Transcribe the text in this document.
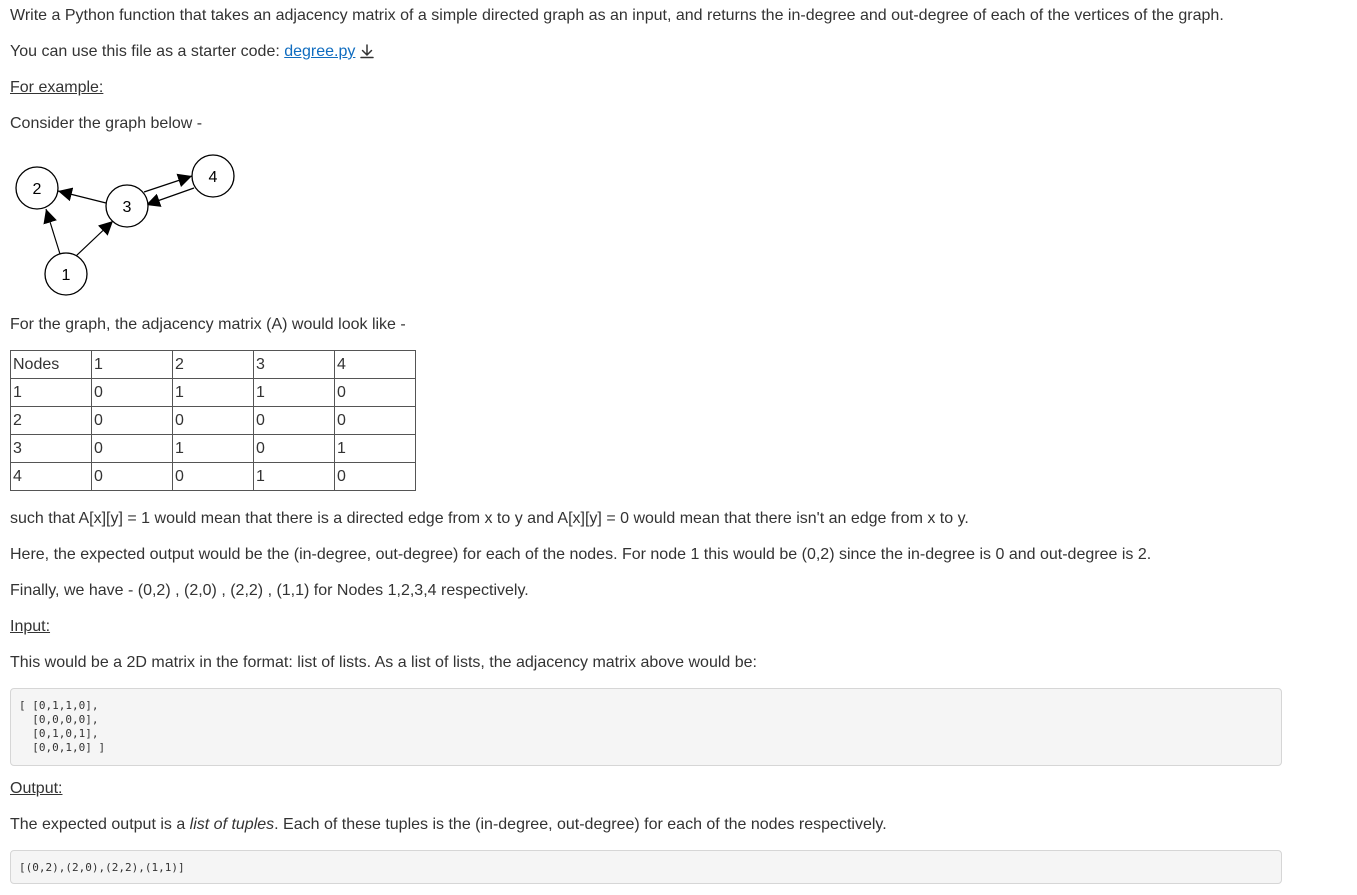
Write a Python function that takes an adjacency matrix of a simple directed graph as an input, and returns the in-degree and out-degree of each of the vertices of the graph.
You can use this file as a starter code: degree.py
For example:
Consider the graph below -
2
3
4
1
For the graph, the adjacency matrix (A) would look like -
Nodes	1	2	3	4
1	0	1	1	0
2	0	0	0	0
3	0	1	0	1
4	0	0	1	0
such that A[x][y] = 1 would mean that there is a directed edge from x to y and A[x][y] = 0 would mean that there isn't an edge from x to y.
Here, the expected output would be the (in-degree, out-degree) for each of the nodes. For node 1 this would be (0,2) since the in-degree is 0 and out-degree is 2.
Finally, we have - (0,2) , (2,0) , (2,2) , (1,1) for Nodes 1,2,3,4 respectively.
Input:
This would be a 2D matrix in the format: list of lists. As a list of lists, the adjacency matrix above would be:
[ [0,1,1,0],
[0,0,0,0],
[0,1,0,1],
[0,0,1,0] ]
Output:
The expected output is a list of tuples. Each of these tuples is the (in-degree, out-degree) for each of the nodes respectively.
[(0,2),(2,0),(2,2),(1,1)]
